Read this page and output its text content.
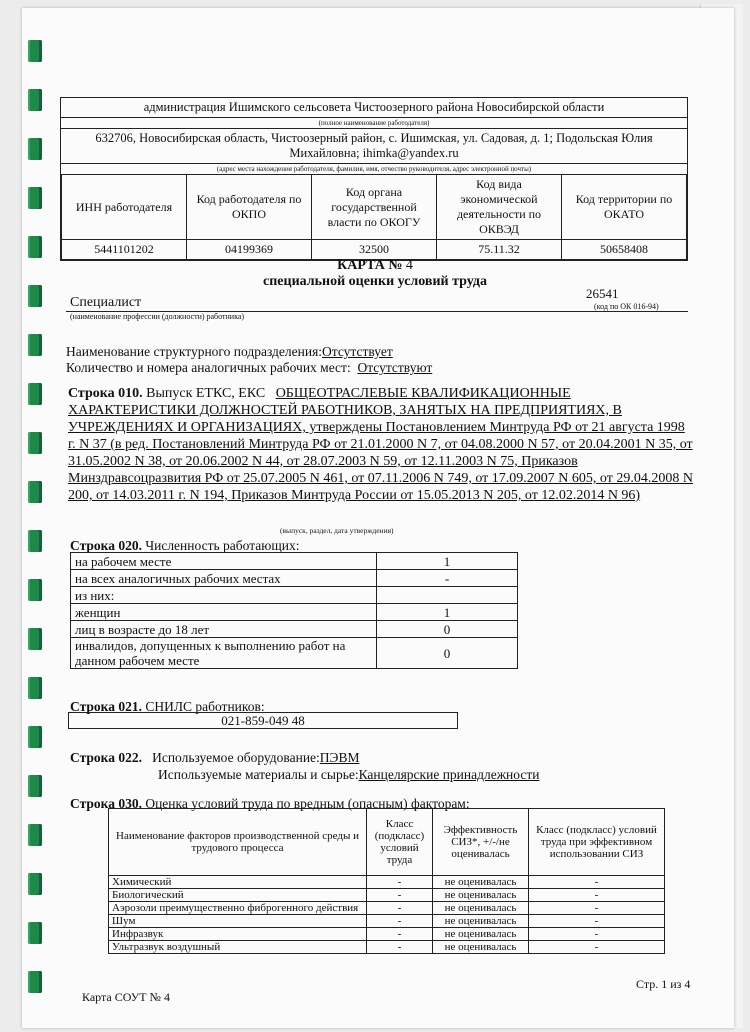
администрация Ишимского сельсовета Чистоозерного района Новосибирской области
(полное наименование работодателя)
632706, Новосибирская область, Чистоозерный район, с. Ишимская, ул. Садовая, д. 1; Подольская Юлия
Михайловна; ihimka@yandex.ru
(адрес места нахождения работодателя, фамилия, имя, отчество руководителя, адрес электронной почты)
ИНН работодателя	Код работодателя по ОКПО	Код органа государственной власти по ОКОГУ	Код вида экономической деятельности по ОКВЭД	Код территории по ОКАТО
5441101202	04199369	32500	75.11.32	50658408
КАРТА № 4
специальной оценки условий труда
Специалист
26541
(наименование профессии (должности) работника)
(код по ОК 016-94)
Наименование структурного подразделения:Отсутствует
Количество и номера аналогичных рабочих мест: Отсутствуют
Строка 010. Выпуск ЕТКС, ЕКС ОБЩЕОТРАСЛЕВЫЕ КВАЛИФИКАЦИОННЫЕ ХАРАКТЕРИСТИКИ ДОЛЖНОСТЕЙ РАБОТНИКОВ, ЗАНЯТЫХ НА ПРЕДПРИЯТИЯХ, В УЧРЕЖДЕНИЯХ И ОРГАНИЗАЦИЯХ, утверждены Постановлением Минтруда РФ от 21 августа 1998 г. N 37 (в ред. Постановлений Минтруда РФ от 21.01.2000 N 7, от 04.08.2000 N 57, от 20.04.2001 N 35, от 31.05.2002 N 38, от 20.06.2002 N 44, от 28.07.2003 N 59, от 12.11.2003 N 75, Приказов Минздравсоцразвития РФ от 25.07.2005 N 461, от 07.11.2006 N 749, от 17.09.2007 N 605, от 29.04.2008 N 200, от 14.03.2011 г. N 194, Приказов Минтруда России от 15.05.2013 N 205, от 12.02.2014 N 96)
(выпуск, раздел, дата утверждения)
Строка 020. Численность работающих:
на рабочем месте	1
на всех аналогичных рабочих местах	-
из них:	
женщин	1
лиц в возрасте до 18 лет	0
инвалидов, допущенных к выполнению работ на данном рабочем месте	0
Строка 021. СНИЛС работников:
021-859-049 48
Строка 022. Используемое оборудование:ПЭВМ
Используемые материалы и сырье:Канцелярские принадлежности
Строка 030. Оценка условий труда по вредным (опасным) факторам:
Наименование факторов производственной среды и трудового процесса	Класс (подкласс) условий труда	Эффективность СИЗ*, +/-/не оценивалась	Класс (подкласс) условий труда при эффективном использовании СИЗ
Химический	-	не оценивалась	-
Биологический	-	не оценивалась	-
Аэрозоли преимущественно фиброгенного действия	-	не оценивалась	-
Шум	-	не оценивалась	-
Инфразвук	-	не оценивалась	-
Ультразвук воздушный	-	не оценивалась	-
Карта СОУТ № 4
Стр. 1 из 4
